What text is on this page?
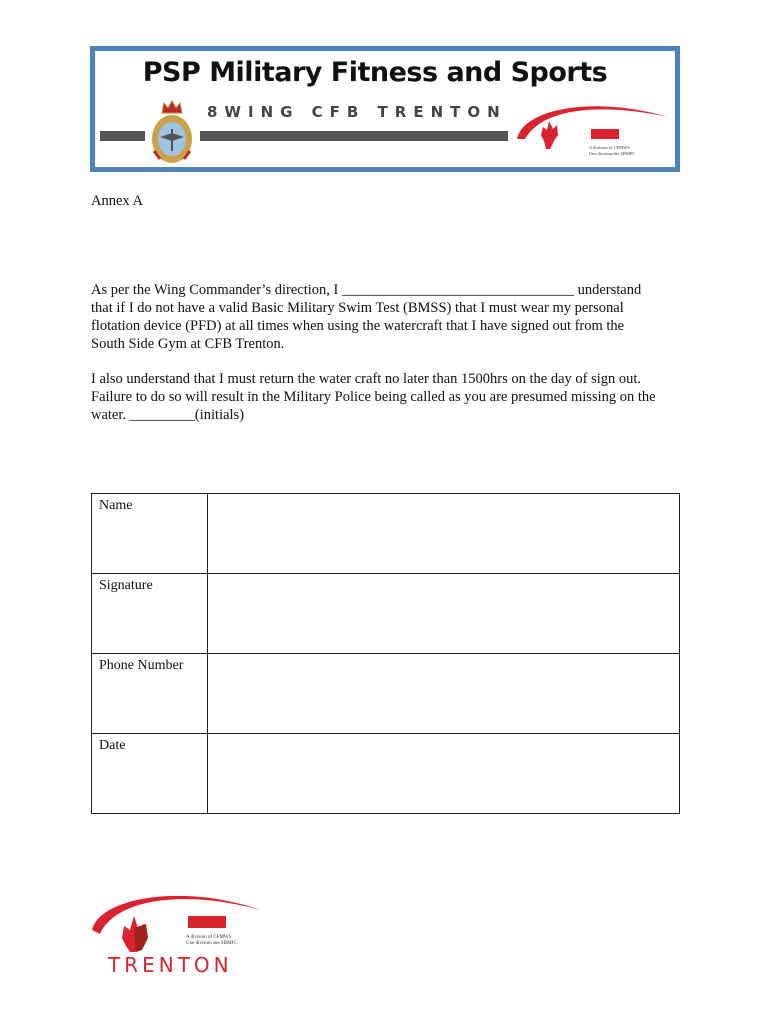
PSP Military Fitness and Sports
8WING CFB TRENTON
A division of CFMWS
Une division des SBMFC
Annex A
As per the Wing Commander’s direction, I ________________________________ understand
that if I do not have a valid Basic Military Swim Test (BMSS) that I must wear my personal
flotation device (PFD) at all times when using the watercraft that I have signed out from the
South Side Gym at CFB Trenton.
I also understand that I must return the water craft no later than 1500hrs on the day of sign out.
Failure to do so will result in the Military Police being called as you are presumed missing on the
water. _________(initials)
Name	
Signature	
Phone Number	
Date	
A division of CFMWS
Une division des SBMFC
TRENTON
